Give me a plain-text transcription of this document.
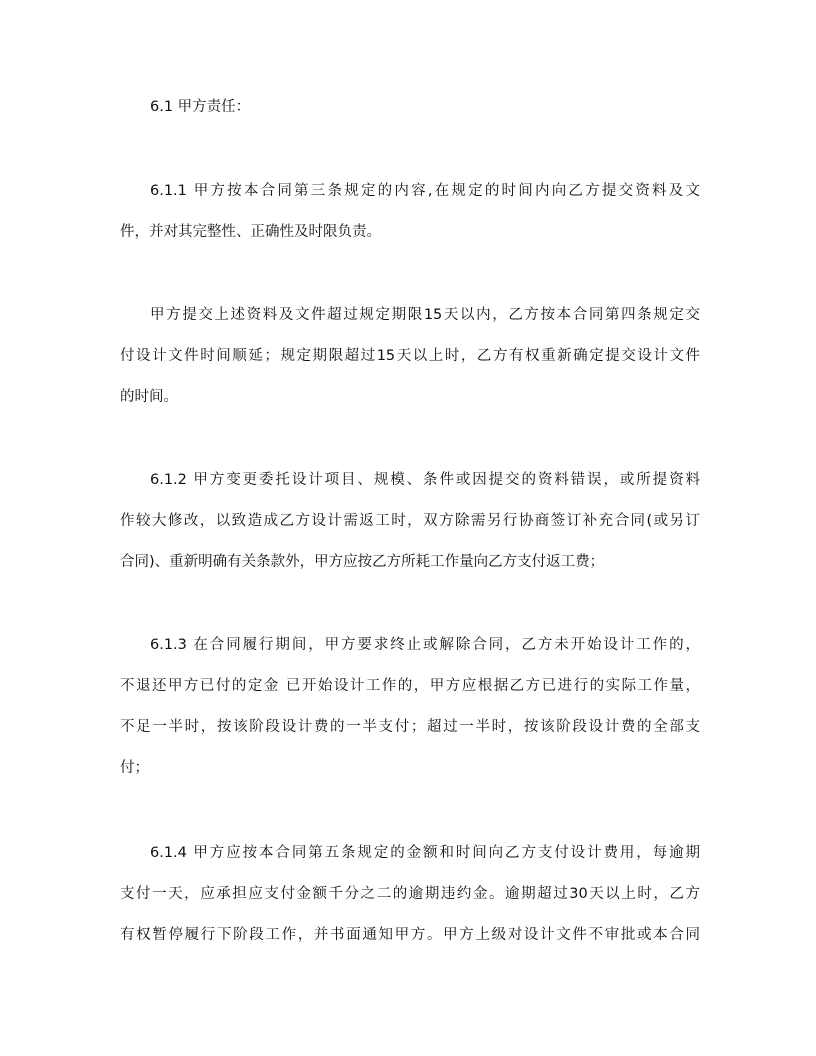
6.1 甲方责任：
6.1.1 甲方按本合同第三条规定的内容,在规定的时间内向乙方提交资料及文
件，并对其完整性、正确性及时限负责。
甲方提交上述资料及文件超过规定期限15天以内，乙方按本合同第四条规定交
付设计文件时间顺延；规定期限超过15天以上时，乙方有权重新确定提交设计文件
的时间。
6.1.2 甲方变更委托设计项目、规模、条件或因提交的资料错误，或所提资料
作较大修改，以致造成乙方设计需返工时，双方除需另行协商签订补充合同(或另订
合同)、重新明确有关条款外，甲方应按乙方所耗工作量向乙方支付返工费；
6.1.3 在合同履行期间，甲方要求终止或解除合同，乙方未开始设计工作的，
不退还甲方已付的定金 已开始设计工作的，甲方应根据乙方已进行的实际工作量，
不足一半时，按该阶段设计费的一半支付；超过一半时，按该阶段设计费的全部支
付；
6.1.4 甲方应按本合同第五条规定的金额和时间向乙方支付设计费用，每逾期
支付一天，应承担应支付金额千分之二的逾期违约金。逾期超过30天以上时，乙方
有权暂停履行下阶段工作，并书面通知甲方。甲方上级对设计文件不审批或本合同
